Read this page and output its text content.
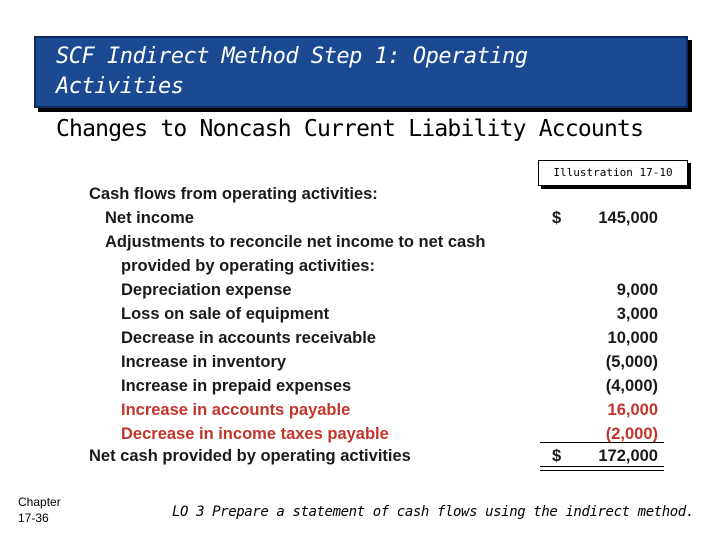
SCF Indirect Method Step 1: Operating
Activities
Changes to Noncash Current Liability Accounts
Illustration 17-10
Cash flows from operating activities:
Net income	$	145,000
Adjustments to reconcile net income to net cash
provided by operating activities:
Depreciation expense	9,000
Loss on sale of equipment	3,000
Decrease in accounts receivable	10,000
Increase in inventory	(5,000)
Increase in prepaid expenses	(4,000)
Increase in accounts payable	16,000
Decrease in income taxes payable	(2,000)
Net cash provided by operating activities	$	172,000
Chapter
17-36	LO 3 Prepare a statement of cash flows using the indirect method.
